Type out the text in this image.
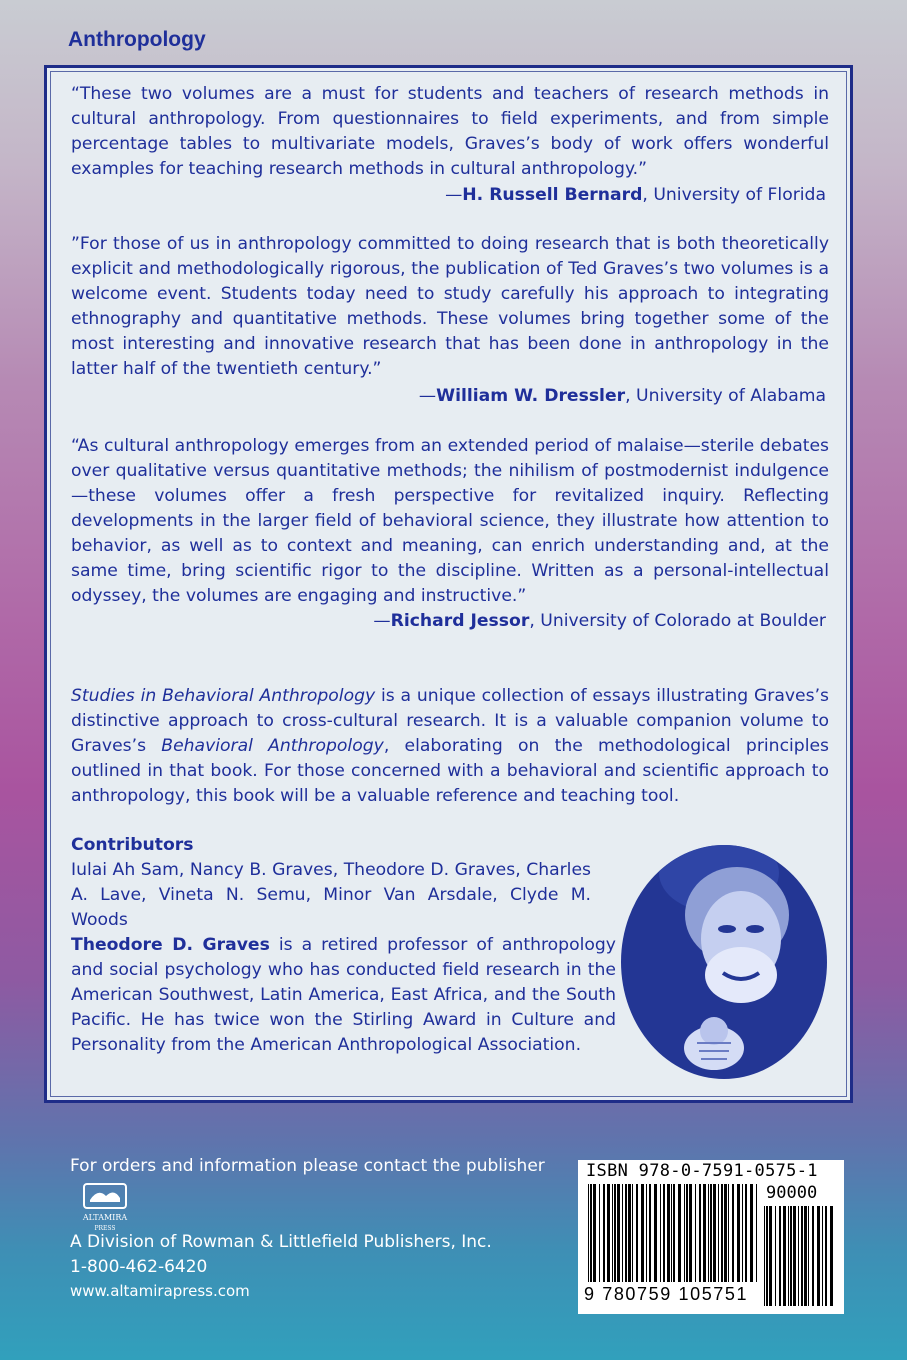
Anthropology

“These two volumes are a must for students and teachers of research methods in cultural anthropology. From questionnaires to field experiments, and from simple percentage tables to multivariate models, Graves’s body of work offers wonderful examples for teaching research methods in cultural anthropology.”

—H. Russell Bernard, University of Florida

”For those of us in anthropology committed to doing research that is both theoretically explicit and methodologically rigorous, the publication of Ted Graves’s two volumes is a welcome event. Students today need to study carefully his approach to integrating ethnography and quantitative methods. These volumes bring together some of the most interesting and innovative research that has been done in anthropology in the latter half of the twentieth century.”

—William W. Dressler, University of Alabama

“As cultural anthropology emerges from an extended period of malaise—sterile debates over qualitative versus quantitative methods; the nihilism of postmodernist indulgence—these volumes offer a fresh perspective for revitalized inquiry. Reflecting developments in the larger field of behavioral science, they illustrate how attention to behavior, as well as to context and meaning, can enrich understanding and, at the same time, bring scientific rigor to the discipline. Written as a personal-intellectual odyssey, the volumes are engaging and instructive.”

—Richard Jessor, University of Colorado at Boulder

Studies in Behavioral Anthropology is a unique collection of essays illustrating Graves’s distinctive approach to cross-cultural research. It is a valuable companion volume to Graves’s Behavioral Anthropology, elaborating on the methodological principles outlined in that book. For those concerned with a behavioral and scientific approach to anthropology, this book will be a valuable reference and teaching tool.

Contributors

Iulai Ah Sam, Nancy B. Graves, Theodore D. Graves, Charles A. Lave, Vineta N. Semu, Minor Van Arsdale, Clyde M. Woods

Theodore D. Graves is a retired professor of anthropology and social psychology who has conducted field research in the American Southwest, Latin America, East Africa, and the South Pacific. He has twice won the Stirling Award in Culture and Personality from the American Anthropological Association.

For orders and information please contact the publisher
ALTAMIRA
PRESS
A Division of Rowman & Littlefield Publishers, Inc.
1-800-462-6420
www.altamirapress.com
ISBN 978-0-7591-0575-1
90000
9 780759 105751
